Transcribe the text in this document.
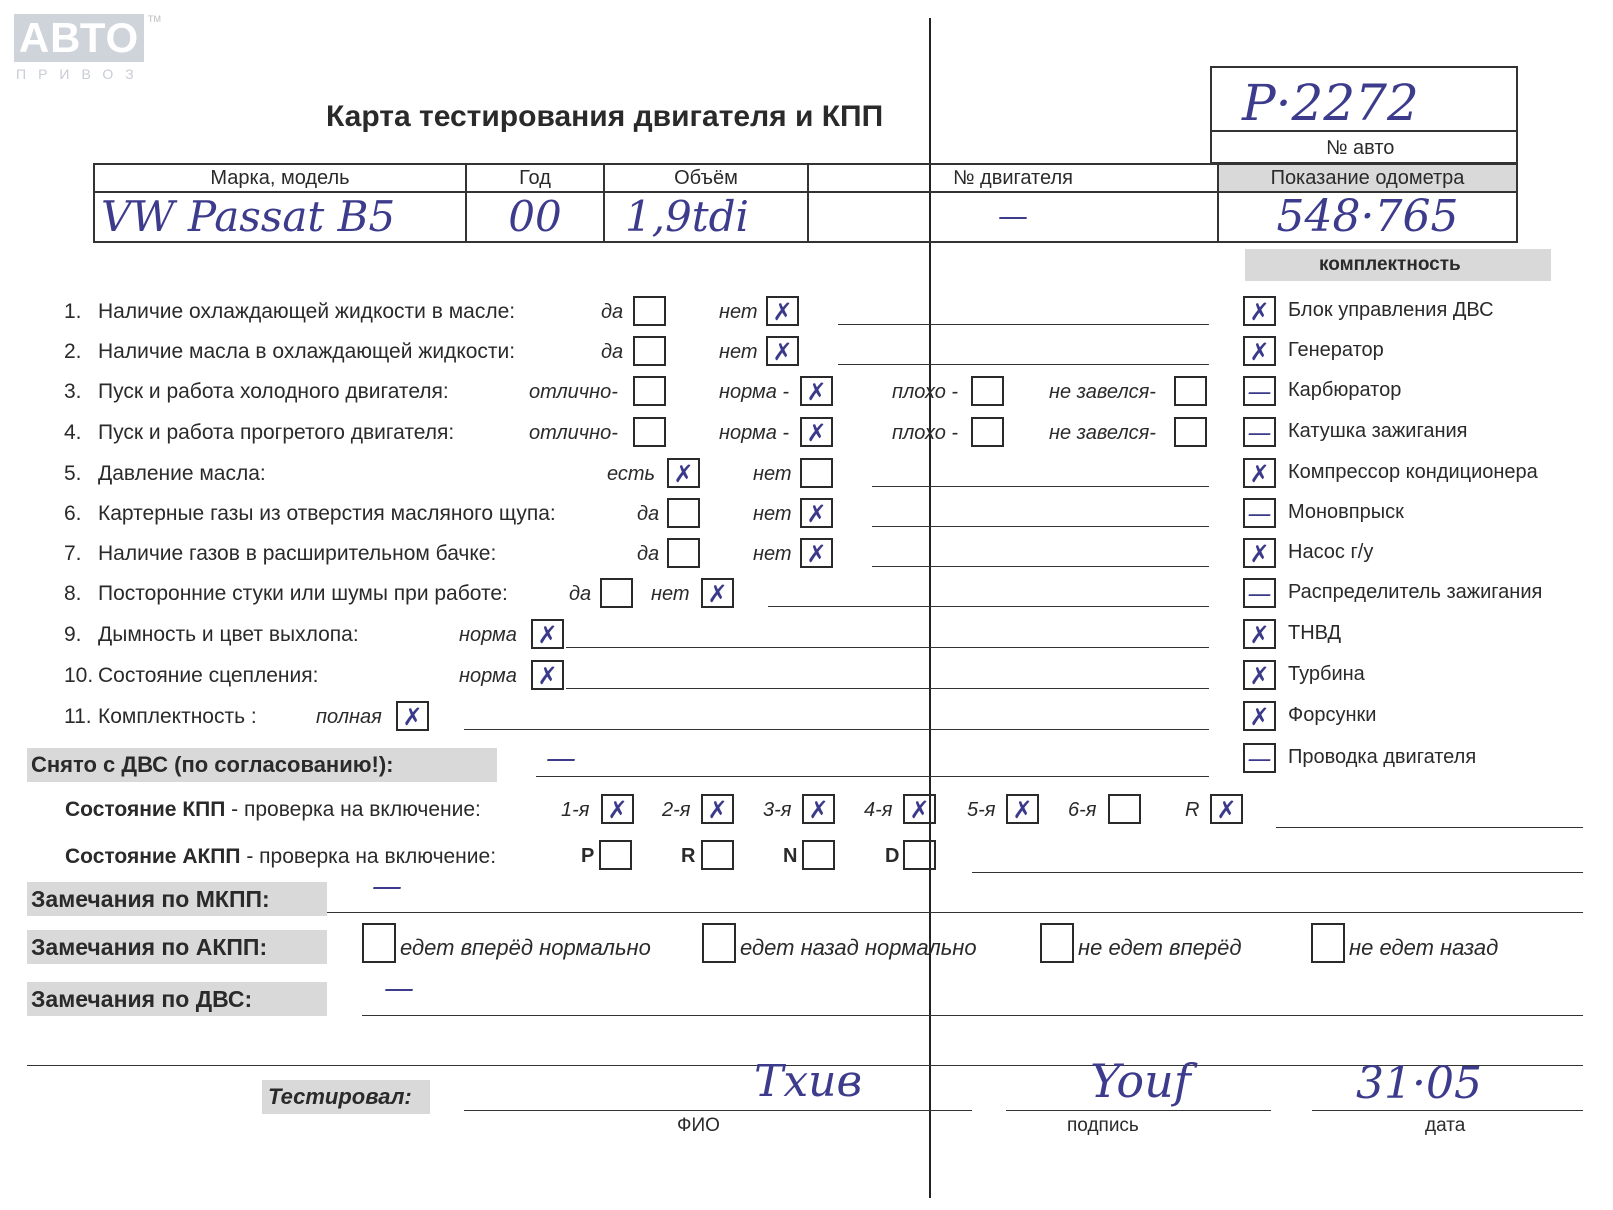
АВТО TM
ПРИВОЗ
Карта тестирования двигателя и КПП	P·2272
№ авто
Марка, модель	Год	Объём	№ двигателя	Показание одометра
VW Passat B5	00	1,9tdi	—	548·765
комплектность
✗ Блок управления ДВС
✗ Генератор
— Карбюратор
— Катушка зажигания
✗ Компрессор кондиционера
— Моновпрыск
✗ Насос г/у
— Распределитель зажигания
✗ ТНВД
✗ Турбина
✗ Форсунки
— Проводка двигателя
1. Наличие охлаждающей жидкости в масле:	да	нет ✗
2. Наличие масла в охлаждающей жидкости:	да	нет ✗
3. Пуск и работа холодного двигателя:	отлично-	норма - ✗	плохо -	не завелся-
4. Пуск и работа прогретого двигателя:	отлично-	норма - ✗	плохо -	не завелся-
5. Давление масла:	есть ✗	нет
6. Картерные газы из отверстия масляного щупа:	да	нет ✗
7. Наличие газов в расширительном бачке:	да	нет ✗
8. Посторонние стуки или шумы при работе:	да	нет ✗
9. Дымность и цвет выхлопа:	норма ✗
10. Состояние сцепления:	норма ✗
11. Комплектность :	полная ✗
Снято с ДВС (по согласованию!):	—
Состояние КПП - проверка на включение:	1-я ✗ 2-я ✗ 3-я ✗ 4-я ✗ 5-я ✗ 6-я	R ✗
Состояние АКПП - проверка на включение:	P	R	N	D
Замечания по МКПП:	—
Замечания по АКПП:	едет вперёд нормально	едет назад нормально	не едет вперёд	не едет назад
Замечания по ДВС:	—
Тестировал:	Тхив
ФИО
Youf
подпись
31·05
дата
